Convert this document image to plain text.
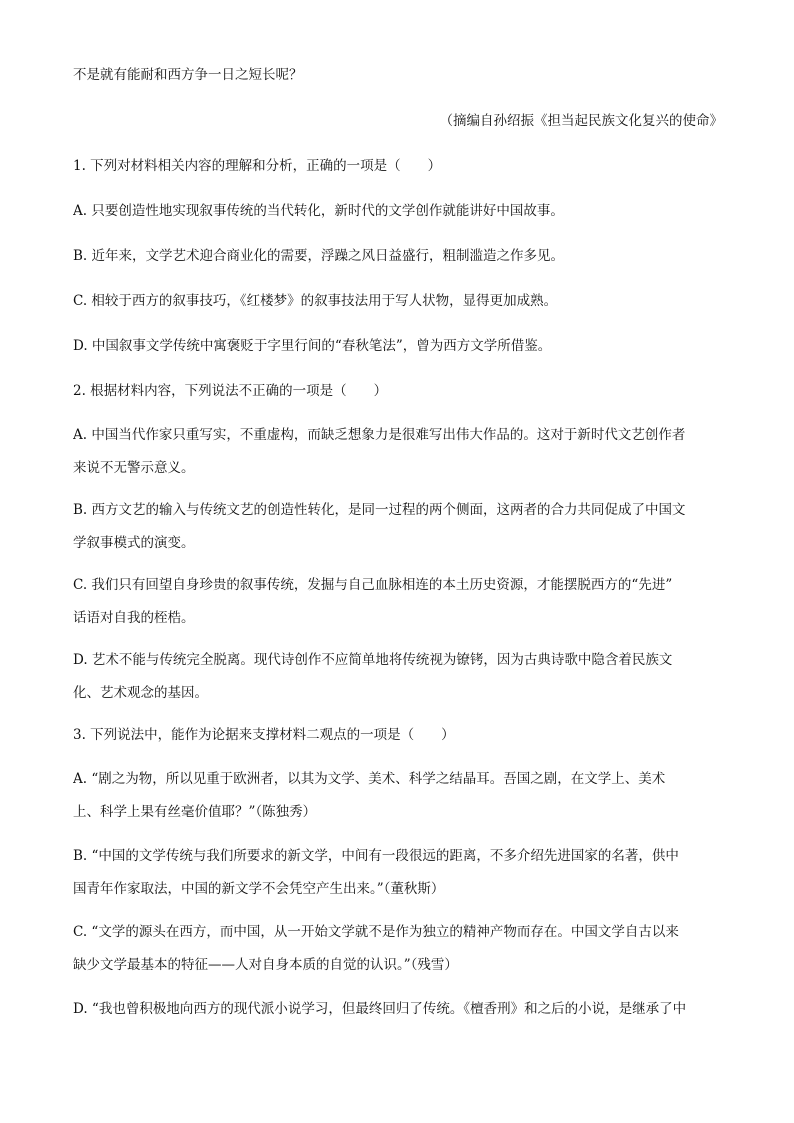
不是就有能耐和西方争一日之短长呢？
（摘编自孙绍振《担当起民族文化复兴的使命》
1. 下列对材料相关内容的理解和分析，正确的一项是（　　）
A. 只要创造性地实现叙事传统的当代转化，新时代的文学创作就能讲好中国故事。
B. 近年来，文学艺术迎合商业化的需要，浮躁之风日益盛行，粗制滥造之作多见。
C. 相较于西方的叙事技巧，《红楼梦》的叙事技法用于写人状物，显得更加成熟。
D. 中国叙事文学传统中寓褒贬于字里行间的“春秋笔法”，曾为西方文学所借鉴。
2. 根据材料内容，下列说法不正确的一项是（　　）
A. 中国当代作家只重写实，不重虚构，而缺乏想象力是很难写出伟大作品的。这对于新时代文艺创作者
来说不无警示意义。
B. 西方文艺的输入与传统文艺的创造性转化，是同一过程的两个侧面，这两者的合力共同促成了中国文
学叙事模式的演变。
C. 我们只有回望自身珍贵的叙事传统，发掘与自己血脉相连的本土历史资源，才能摆脱西方的“先进”
话语对自我的桎梏。
D. 艺术不能与传统完全脱离。现代诗创作不应简单地将传统视为镣铐，因为古典诗歌中隐含着民族文
化、艺术观念的基因。
3. 下列说法中，能作为论据来支撑材料二观点的一项是（　　）
A. “剧之为物，所以见重于欧洲者，以其为文学、美术、科学之结晶耳。吾国之剧，在文学上、美术
上、科学上果有丝毫价值耶？”（陈独秀）
B. “中国的文学传统与我们所要求的新文学，中间有一段很远的距离，不多介绍先进国家的名著，供中
国青年作家取法，中国的新文学不会凭空产生出来。”（董秋斯）
C. “文学的源头在西方，而中国，从一开始文学就不是作为独立的精神产物而存在。中国文学自古以来
缺少文学最基本的特征——人对自身本质的自觉的认识。”（残雪）
D. “我也曾积极地向西方的现代派小说学习，但最终回归了传统。《檀香刑》和之后的小说，是继承了中
